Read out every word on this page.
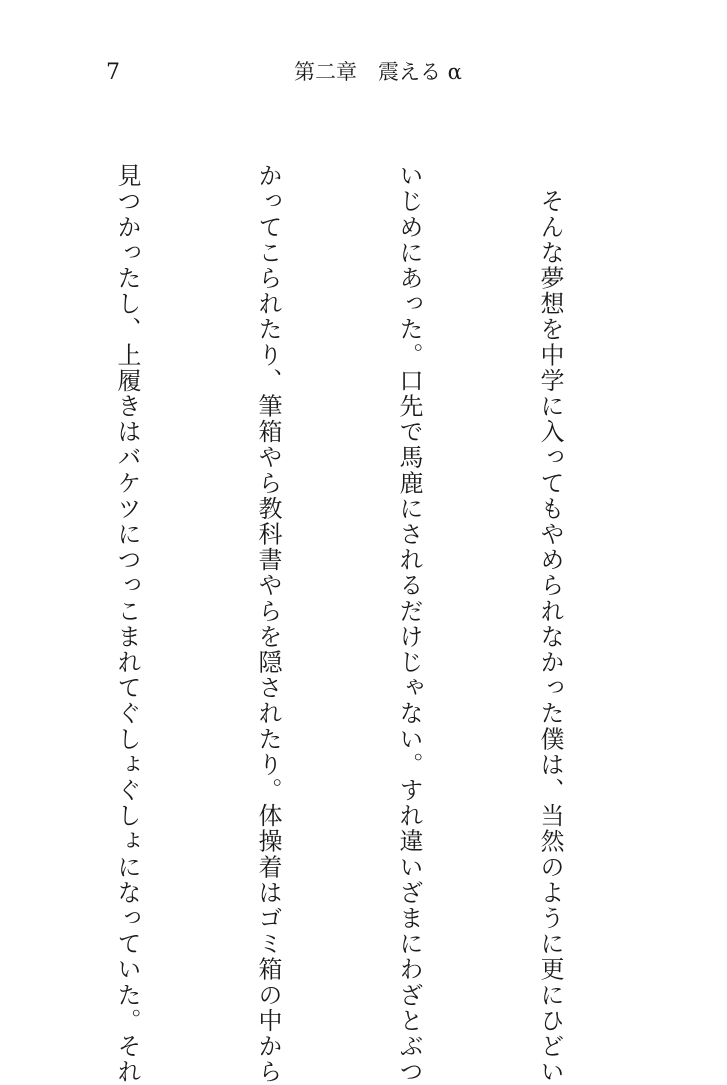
7	第二章　震える α

　そんな夢想を中学に入ってもやめられなかった僕は、当然のように更にひどい

いじめにあった。口先で馬鹿にされるだけじゃない。すれ違いざまにわざとぶつ

かってこられたり、筆箱やら教科書やらを隠されたり。体操着はゴミ箱の中から

見つかったし、上履きはバケツにつっこまれてぐしょぐしょになっていた。それ
